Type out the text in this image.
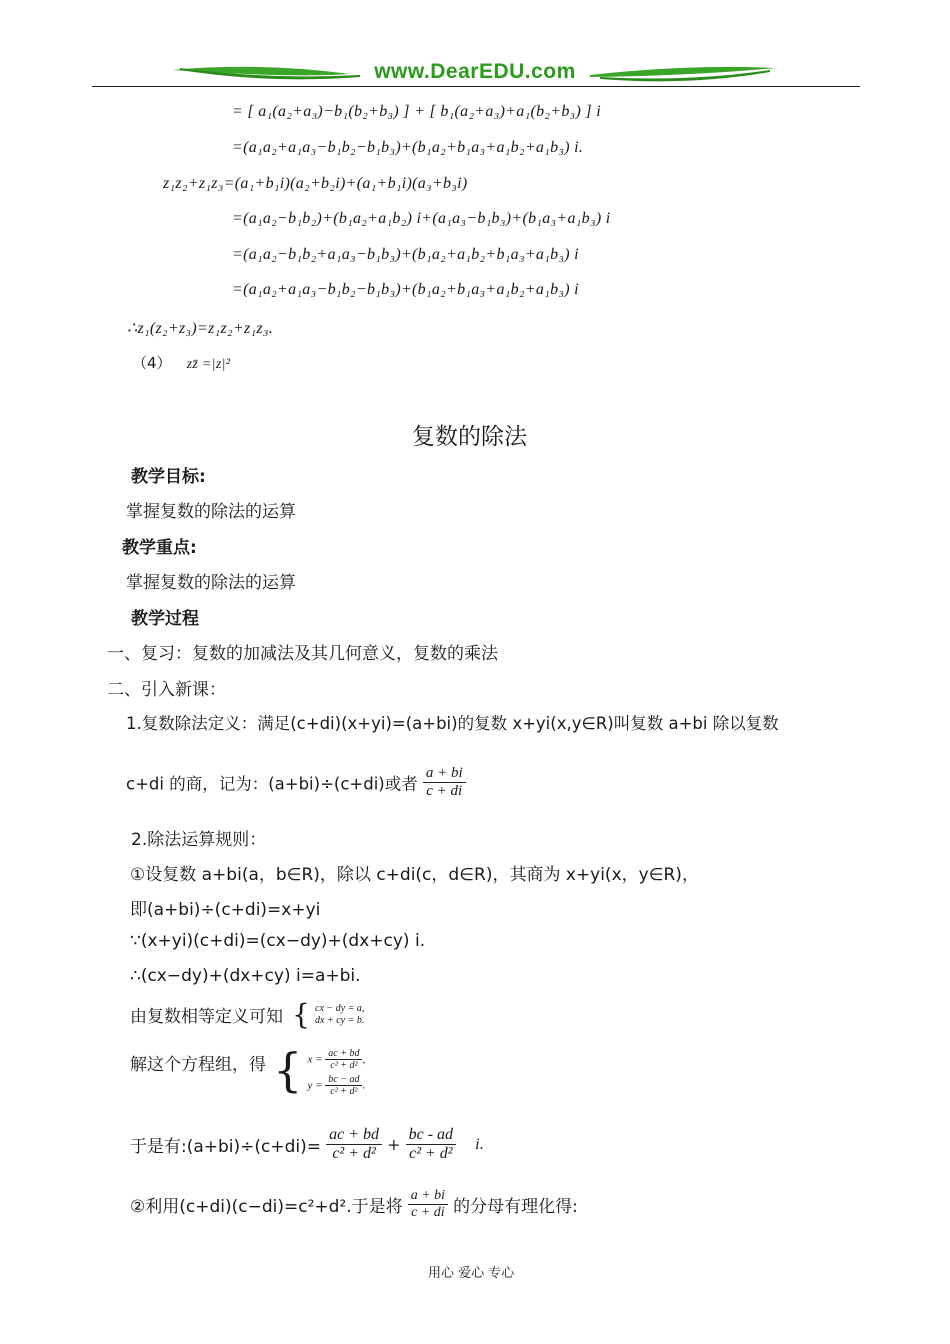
www.DearEDU.com
= [ a₁(a₂+a₃)−b₁(b₂+b₃) ] + [ b₁(a₂+a₃)+a₁(b₂+b₃) ] i
=(a₁a₂+a₁a₃−b₁b₂−b₁b₃)+(b₁a₂+b₁a₃+a₁b₂+a₁b₃) i.
z₁z₂+z₁z₃=(a₁+b₁i)(a₂+b₂i)+(a₁+b₁i)(a₃+b₃i)
=(a₁a₂−b₁b₂)+(b₁a₂+a₁b₂) i+(a₁a₃−b₁b₃)+(b₁a₃+a₁b₃) i
=(a₁a₂−b₁b₂+a₁a₃−b₁b₃)+(b₁a₂+a₁b₂+b₁a₃+a₁b₃) i
=(a₁a₂+a₁a₃−b₁b₂−b₁b₃)+(b₁a₂+b₁a₃+a₁b₂+a₁b₃) i
∴z₁(z₂+z₃)=z₁z₂+z₁z₃.
（4） zz̄ =|z|²
复数的除法
教学目标:
掌握复数的除法的运算
教学重点:
掌握复数的除法的运算
教学过程
一、复习：复数的加减法及其几何意义，复数的乘法
二、引入新课：
1.复数除法定义：满足(c+di)(x+yi)=(a+bi)的复数 x+yi(x,y∈R)叫复数 a+bi 除以复数
c+di 的商，记为：(a+bi)÷(c+di)或者 $\frac{a + bi}{c + di}$
2.除法运算规则：
①设复数 a+bi(a，b∈R)，除以 c+di(c，d∈R)，其商为 x+yi(x，y∈R)，
即(a+bi)÷(c+di)=x+yi
∵(x+yi)(c+di)=(cx−dy)+(dx+cy) i.
∴(cx−dy)+(dx+cy) i=a+bi.
由复数相等定义可知 { cx − dy = a,
dx + cy = b.
解这个方程组，得 { $x = \frac{ac + bd}{\text{c² + d²}}$ ,
$y = \frac{bc - ad}{\text{c² + d²}}$ .
于是有:(a+bi)÷(c+di)= $\frac{ac + bd}{\text{c² + d²}} + \frac{bc - ad}{\text{c² + d²}} i$.
②利用(c+di)(c−di)=c²+d².于是将 $\frac{a + bi}{c + di}$ 的分母有理化得:
用心 爱心 专心
